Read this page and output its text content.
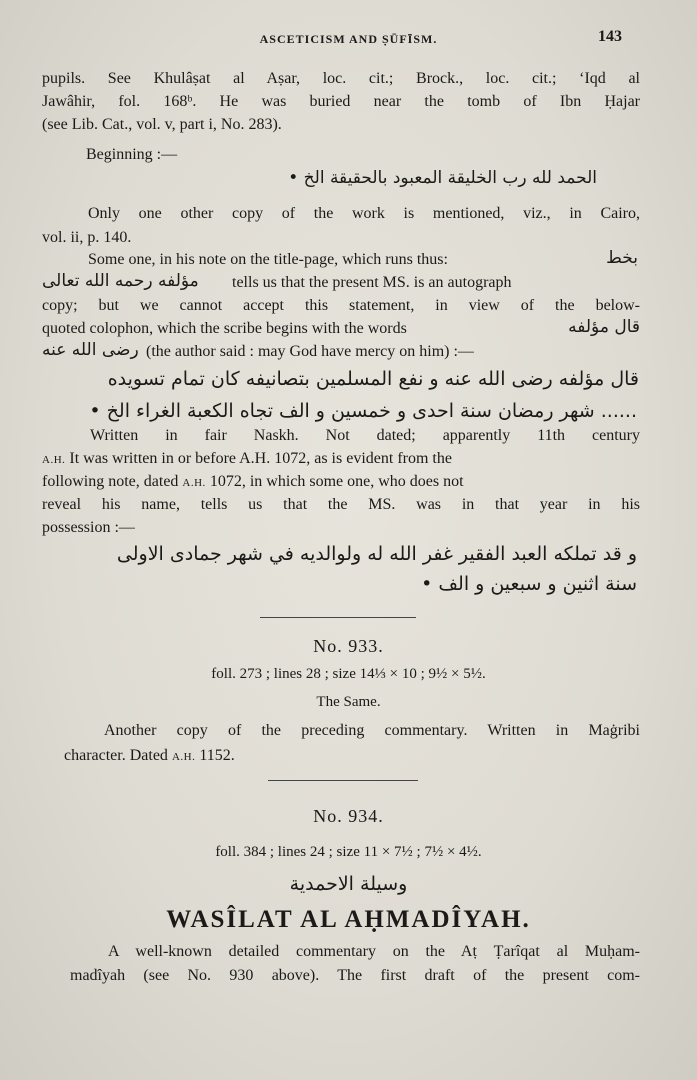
ASCETICISM AND ṢŪFĪSM.	143
pupils. See Khulâṣat al Aṣar, loc. cit.; Brock., loc. cit.; ‘Iqd al
Jawâhir, fol. 168ᵇ. He was buried near the tomb of Ibn Ḥajar
(see Lib. Cat., vol. v, part i, No. 283).
Beginning :—
الحمد لله رب الخليقة المعبود بالحقيقة الخ •
Only one other copy of the work is mentioned, viz., in Cairo,
vol. ii, p. 140.
Some one, in his note on the title-page, which runs thus:	بخط
مؤلفه رحمه الله تعالى tells us that the present MS. is an autograph
copy; but we cannot accept this statement, in view of the below-
quoted colophon, which the scribe begins with the words	قال مؤلفه
رضى الله عنه (the author said : may God have mercy on him) :—
قال مؤلفه رضى الله عنه و نفع المسلمين بتصانيفه كان تمام تسويده
...... شهر رمضان سنة احدى و خمسين و الف تجاه الكعبة الغراء الخ •
Written in fair Naskh. Not dated; apparently 11th century
A.H. It was written in or before A.H. 1072, as is evident from the
following note, dated A.H. 1072, in which some one, who does not
reveal his name, tells us that the MS. was in that year in his
possession :—
و قد تملكه العبد الفقير غفر الله له ولوالديه في شهر جمادى الاولى
سنة اثنين و سبعين و الف •
No. 933.
foll. 273 ; lines 28 ; size 14⅓ × 10 ; 9½ × 5½.
The Same.
Another copy of the preceding commentary. Written in Maġribi
character. Dated A.H. 1152.
No. 934.
foll. 384 ; lines 24 ; size 11 × 7½ ; 7½ × 4½.
وسيلة الاحمدية
WASÎLAT AL AḤMADÎYAH.
A well-known detailed commentary on the Aṭ Ṭarîqat al Muḥam-
madîyah (see No. 930 above). The first draft of the present com-
